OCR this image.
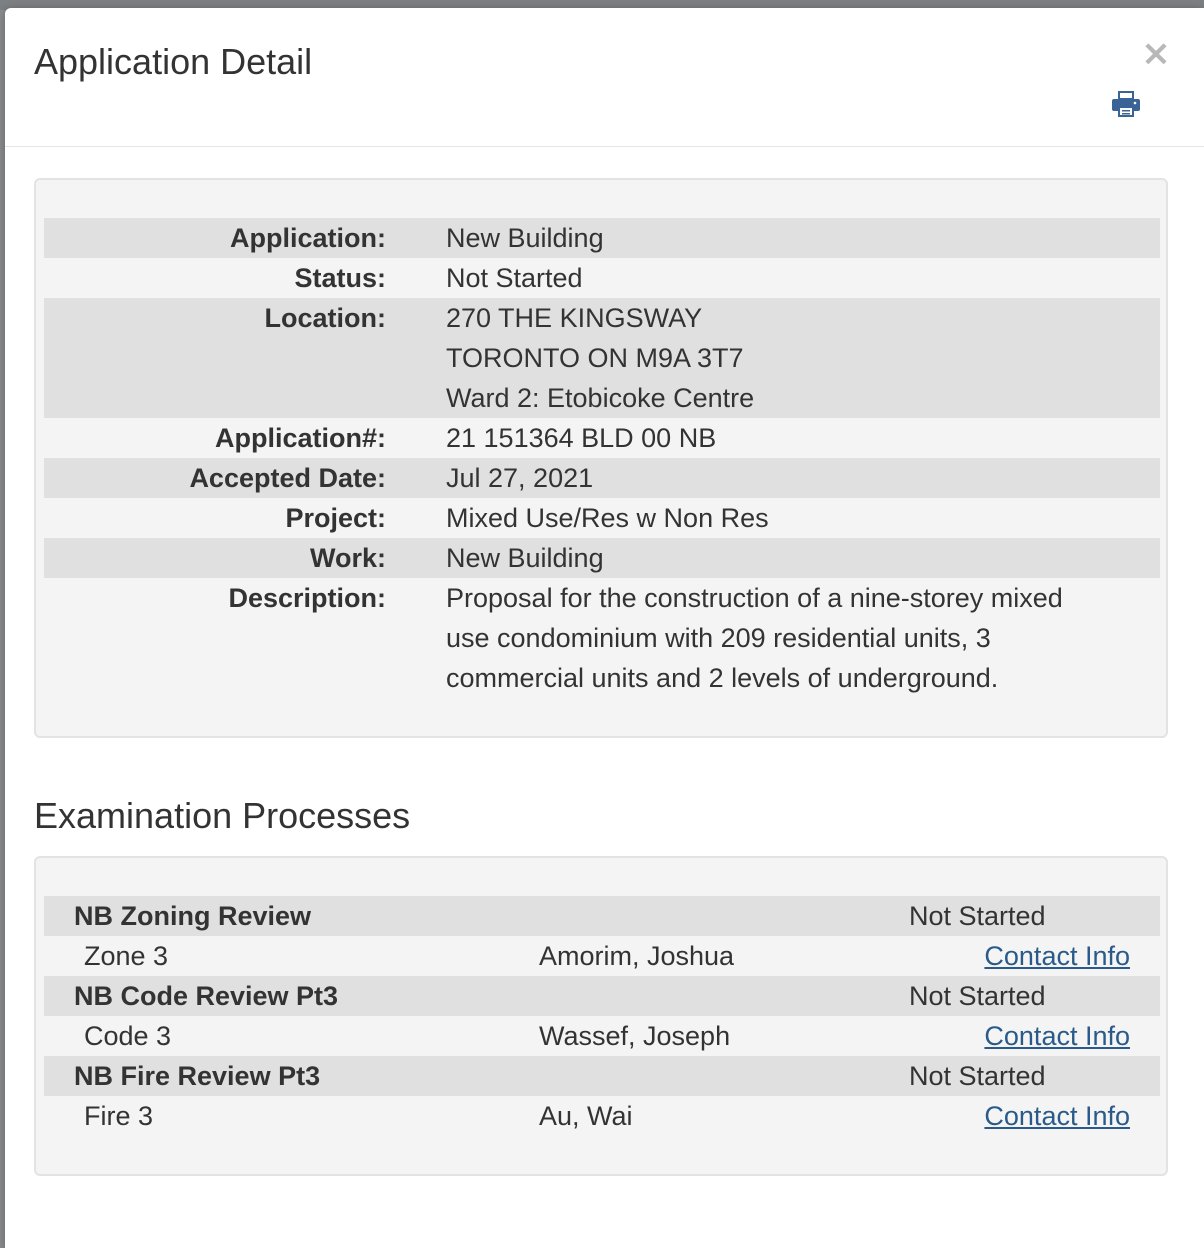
Application Detail	×
Application:	New Building
Status:	Not Started
Location:	270 THE KINGSWAY
TORONTO ON M9A 3T7
Ward 2: Etobicoke Centre

Application#:	21 151364 BLD 00 NB
Accepted Date:	Jul 27, 2021
Project:	Mixed Use/Res w Non Res
Work:	New Building
Description:	Proposal for the construction of a nine-storey mixed use condominium with 209 residential units, 3 commercial units and 2 levels of underground.
Examination Processes
NB Zoning Review		Not Started
Zone 3	Amorim, Joshua	Contact Info
NB Code Review Pt3		Not Started
Code 3	Wassef, Joseph	Contact Info
NB Fire Review Pt3		Not Started
Fire 3	Au, Wai	Contact Info
